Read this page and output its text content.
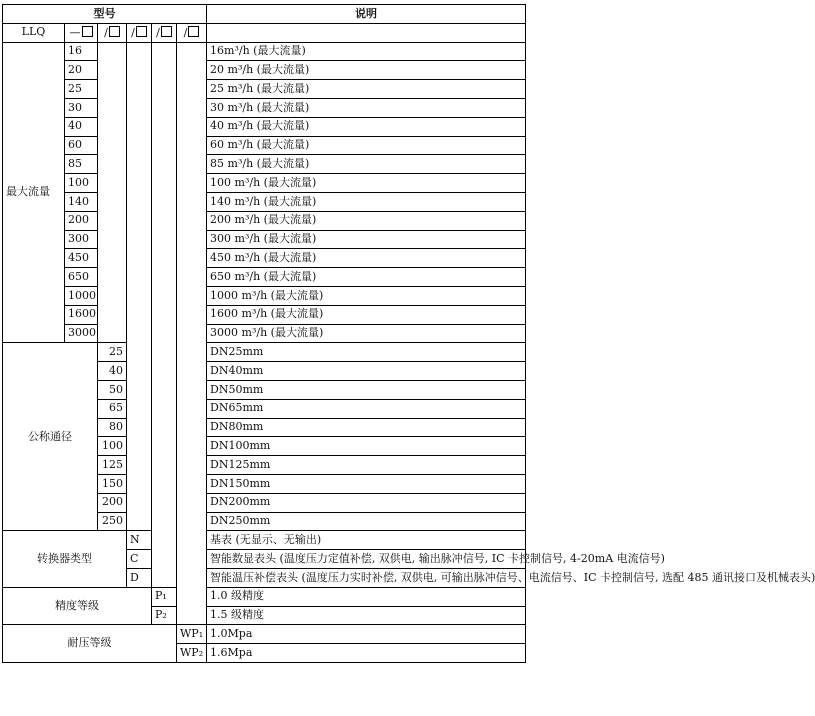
型号						说明
LLQ	—	/	/	/	/	
最大流量	16					16m³/h (最大流量)
	20					20 m³/h (最大流量)
	25					25 m³/h (最大流量)
	30					30 m³/h (最大流量)
	40					40 m³/h (最大流量)
	60					60 m³/h (最大流量)
	85					85 m³/h (最大流量)
	100					100 m³/h (最大流量)
	140					140 m³/h (最大流量)
	200					200 m³/h (最大流量)
	300					300 m³/h (最大流量)
	450					450 m³/h (最大流量)
	650					650 m³/h (最大流量)
	1000					1000 m³/h (最大流量)
	1600					1600 m³/h (最大流量)
	3000					3000 m³/h (最大流量)
公称通径		25				DN25mm
		40				DN40mm
		50				DN50mm
		65				DN65mm
		80				DN80mm
		100				DN100mm
		125				DN125mm
		150				DN150mm
		200				DN200mm
		250				DN250mm
转换器类型			N			基表 (无显示、无输出)
			C			智能数显表头 (温度压力定值补偿, 双供电, 输出脉冲信号, IC 卡控制信号, 4-20mA 电流信号)
			D			智能温压补偿表头 (温度压力实时补偿, 双供电, 可输出脉冲信号、电流信号、IC 卡控制信号, 选配 485 通讯接口及机械表头)
精度等级				P₁		1.0 级精度
				P₂		1.5 级精度
耐压等级					WP₁	1.0Mpa
					WP₂	1.6Mpa
